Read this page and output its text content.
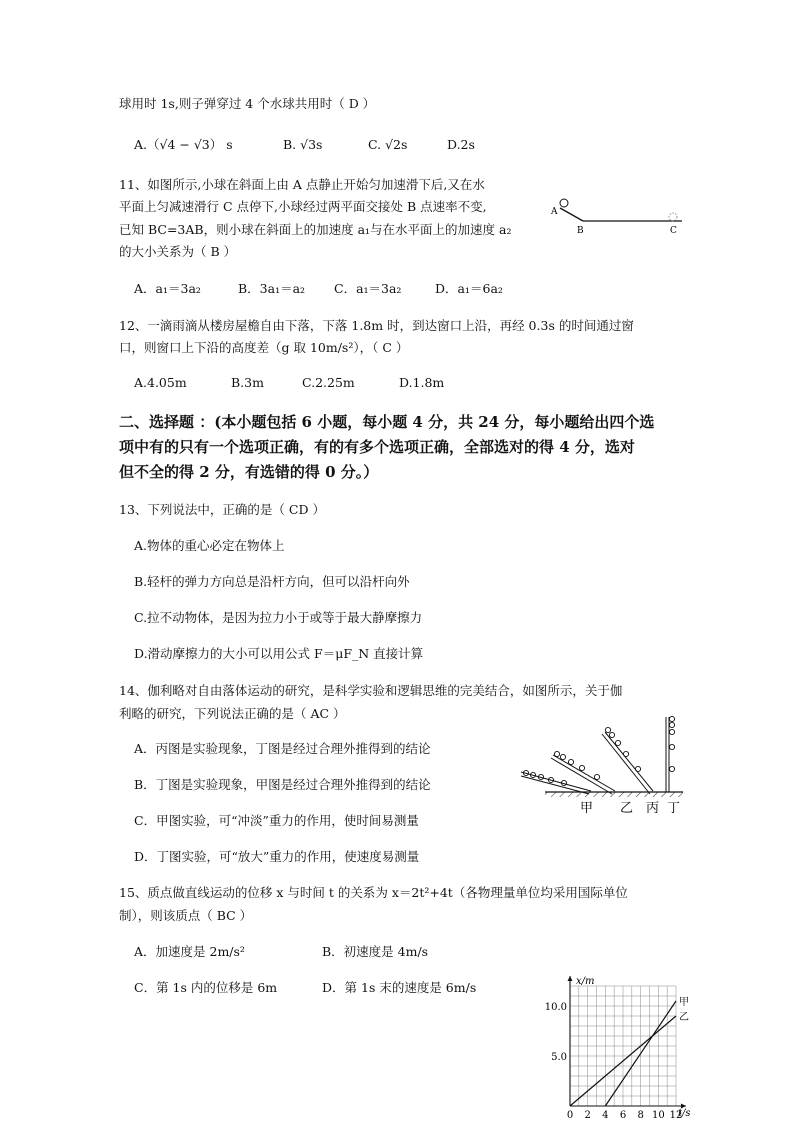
球用时 1s,则子弹穿过 4 个水球共用时（ D ）
A.（√4 − √3） s	B. √3s	C. √2s	D.2s
11、如图所示,小球在斜面上由 A 点静止开始匀加速滑下后,又在水
平面上匀减速滑行 C 点停下,小球经过两平面交接处 B 点速率不变,
已知 BC=3AB，则小球在斜面上的加速度 a₁与在水平面上的加速度 a₂
的大小关系为（ B ）
A
B	C
A．a₁＝3a₂	B．3a₁＝a₂ C．a₁＝3a₂	D．a₁＝6a₂
12、一滴雨滴从楼房屋檐自由下落，下落 1.8m 时，到达窗口上沿，再经 0.3s 的时间通过窗
口，则窗口上下沿的高度差（g 取 10m/s²），（ C ）
A.4.05m	B.3m	C.2.25m	D.1.8m
二、选择题 ：(本小题包括 6 小题，每小题 4 分，共 24 分，每小题给出四个选
项中有的只有一个选项正确，有的有多个选项正确，全部选对的得 4 分，选对
但不全的得 2 分，有选错的得 0 分。）
13、下列说法中，正确的是（ CD ）
A.物体的重心必定在物体上
B.轻杆的弹力方向总是沿杆方向，但可以沿杆向外
C.拉不动物体，是因为拉力小于或等于最大静摩擦力
D.滑动摩擦力的大小可以用公式 F＝μF_N 直接计算
14、伽利略对自由落体运动的研究，是科学实验和逻辑思维的完美结合，如图所示，关于伽
利略的研究，下列说法正确的是（ AC ）
A．丙图是实验现象，丁图是经过合理外推得到的结论
B．丁图是实验现象，甲图是经过合理外推得到的结论
C．甲图实验，可“冲淡”重力的作用，使时间易测量
D．丁图实验，可“放大”重力的作用，使速度易测量
甲 乙 丙 丁
15、质点做直线运动的位移 x 与时间 t 的关系为 x＝2t²+4t（各物理量单位均采用国际单位
制），则该质点（ BC ）
A．加速度是 2m/s²	B．初速度是 4m/s
C．第 1s 内的位移是 6m	D．第 1s 末的速度是 6m/s
甲
乙
0 2 4 6 8 10 12
5.0
10.0
x/m
t/s
